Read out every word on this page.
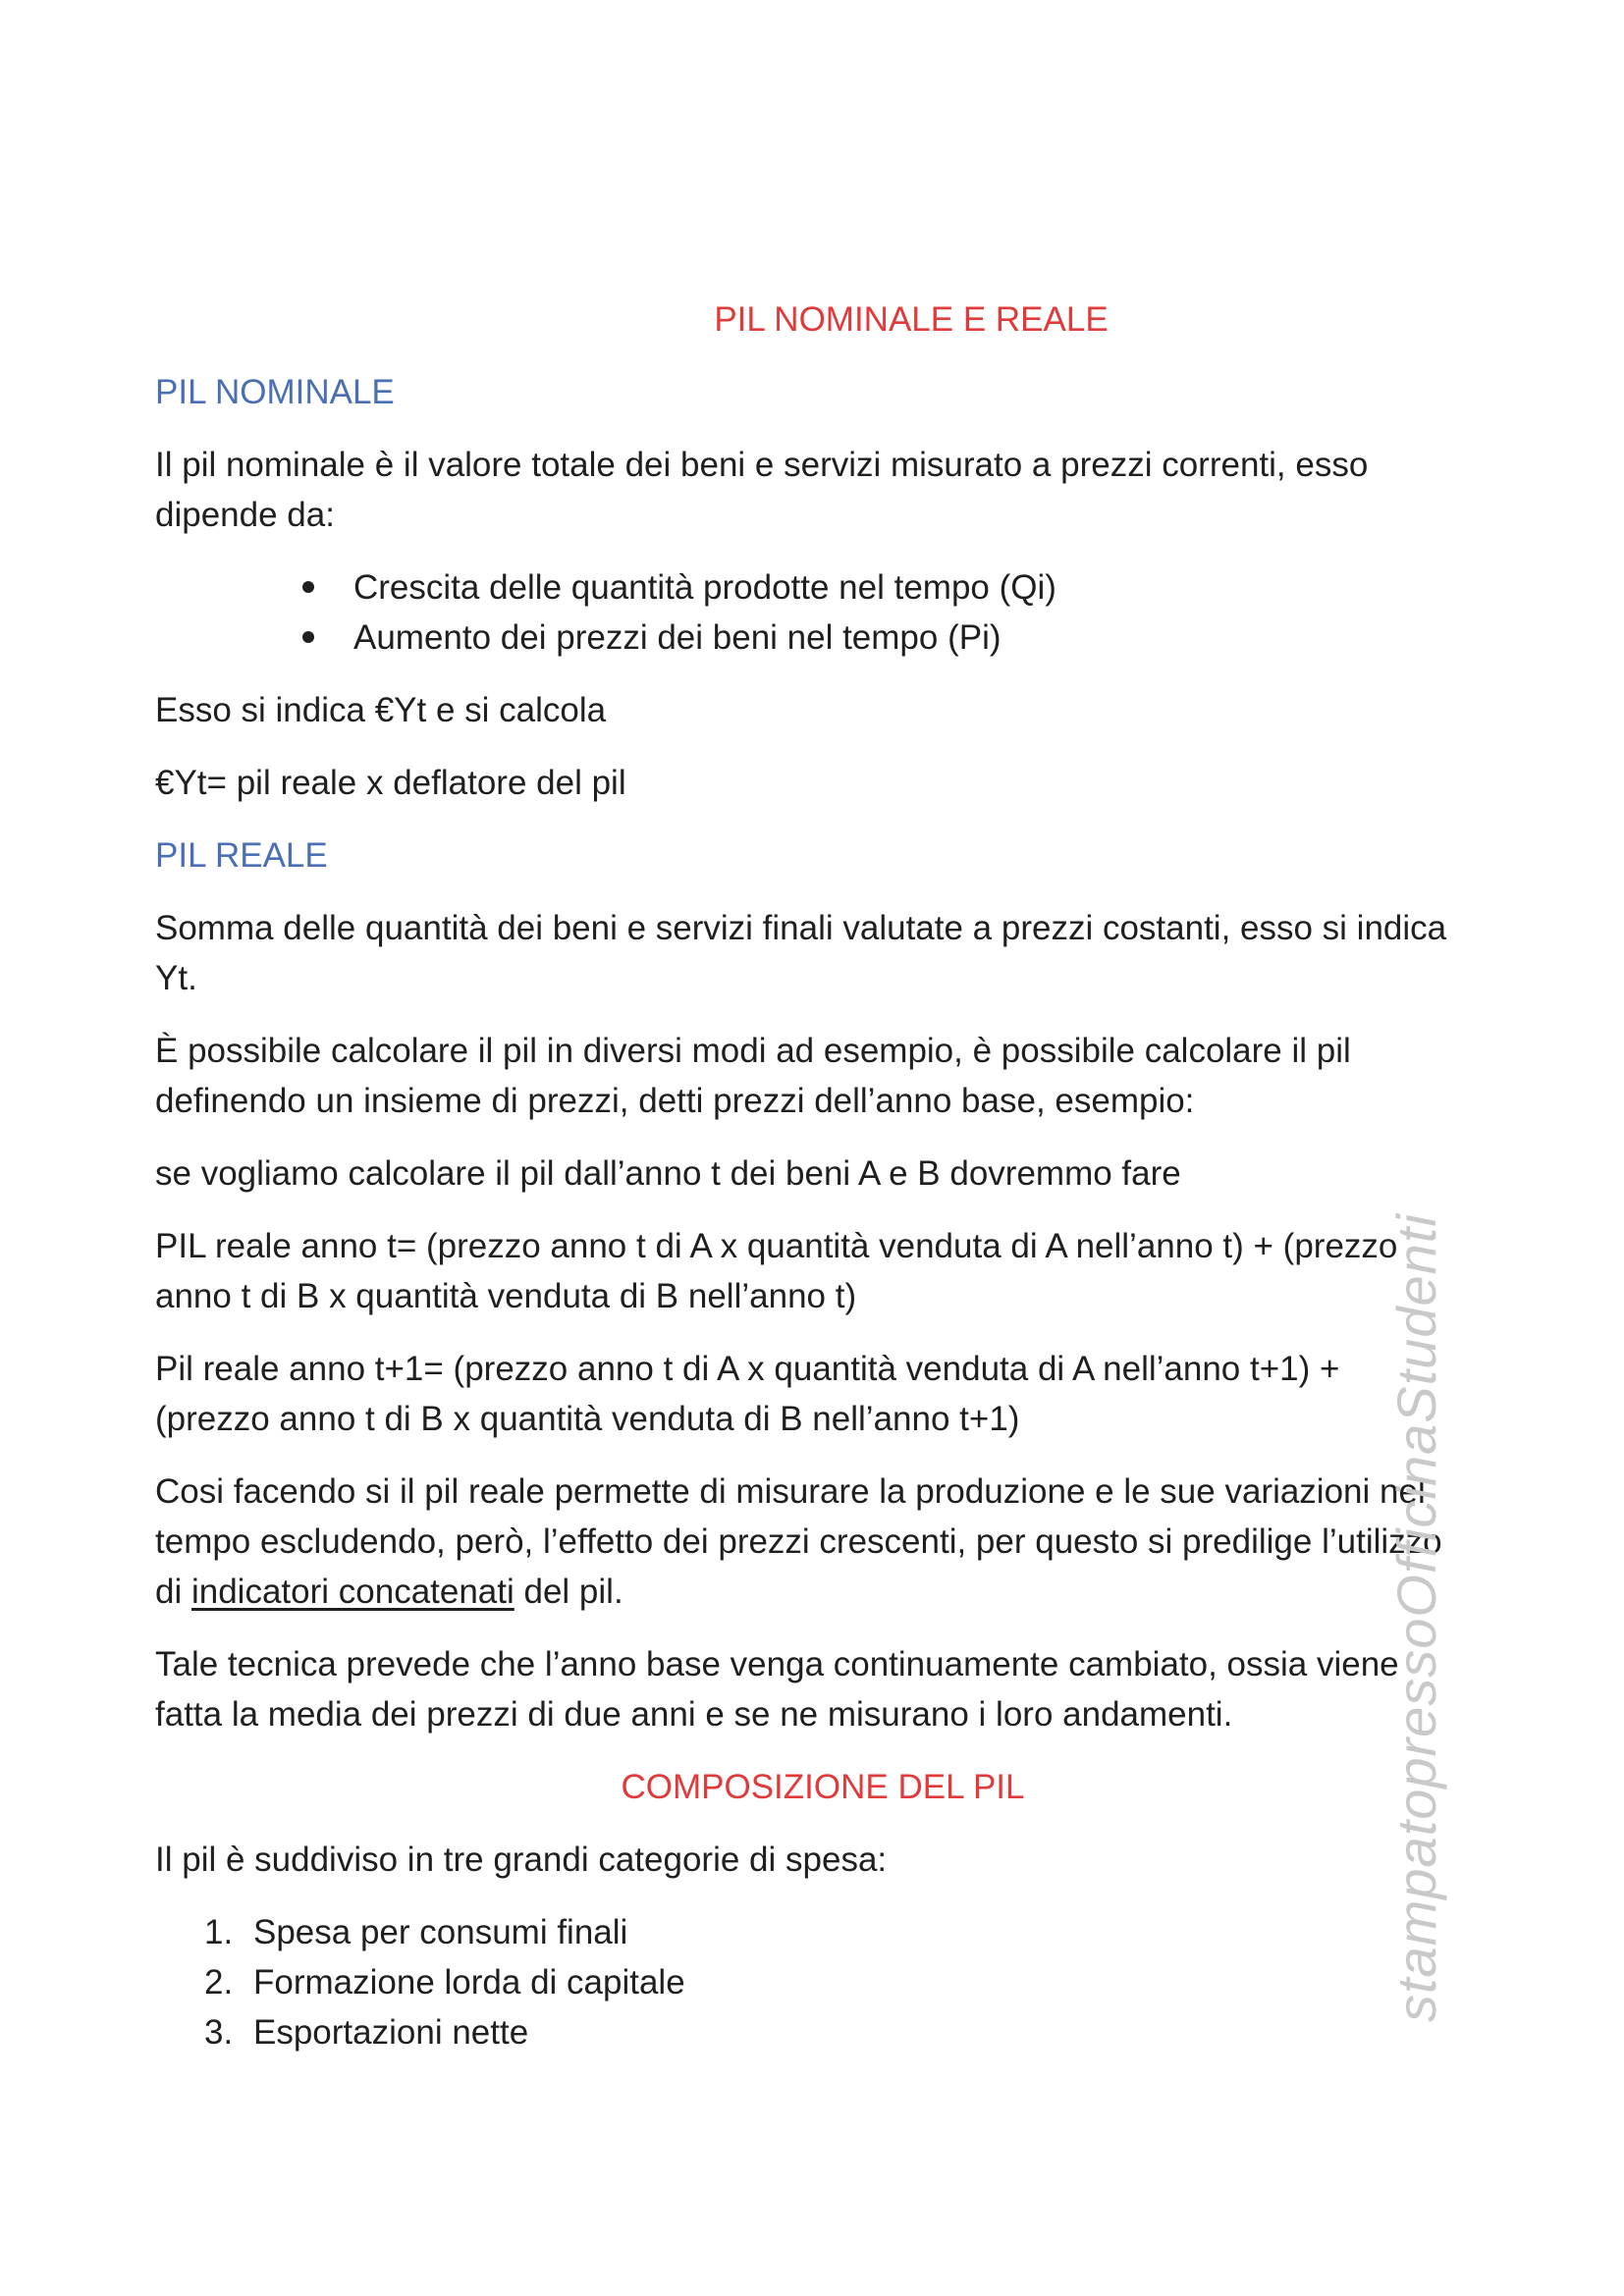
PIL NOMINALE E REALE
PIL NOMINALE

Il pil nominale è il valore totale dei beni e servizi misurato a prezzi correnti, esso
dipende da:

Crescita delle quantità prodotte nel tempo (Qi)
Aumento dei prezzi dei beni nel tempo (Pi)

Esso si indica €Yt e si calcola

€Yt= pil reale x deflatore del pil

PIL REALE

Somma delle quantità dei beni e servizi finali valutate a prezzi costanti, esso si indica
Yt.

È possibile calcolare il pil in diversi modi ad esempio, è possibile calcolare il pil
definendo un insieme di prezzi, detti prezzi dell’anno base, esempio:

se vogliamo calcolare il pil dall’anno t dei beni A e B dovremmo fare

PIL reale anno t= (prezzo anno t di A x quantità venduta di A nell’anno t) + (prezzo
anno t di B x quantità venduta di B nell’anno t)

Pil reale anno t+1= (prezzo anno t di A x quantità venduta di A nell’anno t+1) +
(prezzo anno t di B x quantità venduta di B nell’anno t+1)

Cosi facendo si il pil reale permette di misurare la produzione e le sue variazioni nel
tempo escludendo, però, l’effetto dei prezzi crescenti, per questo si predilige l’utilizzo
di indicatori concatenati del pil.

Tale tecnica prevede che l’anno base venga continuamente cambiato, ossia viene
fatta la media dei prezzi di due anni e se ne misurano i loro andamenti.

COMPOSIZIONE DEL PIL

Il pil è suddiviso in tre grandi categorie di spesa:

1. Spesa per consumi finali
2. Formazione lorda di capitale
3. Esportazioni nette
stampatopressoOfficinaStudenti
